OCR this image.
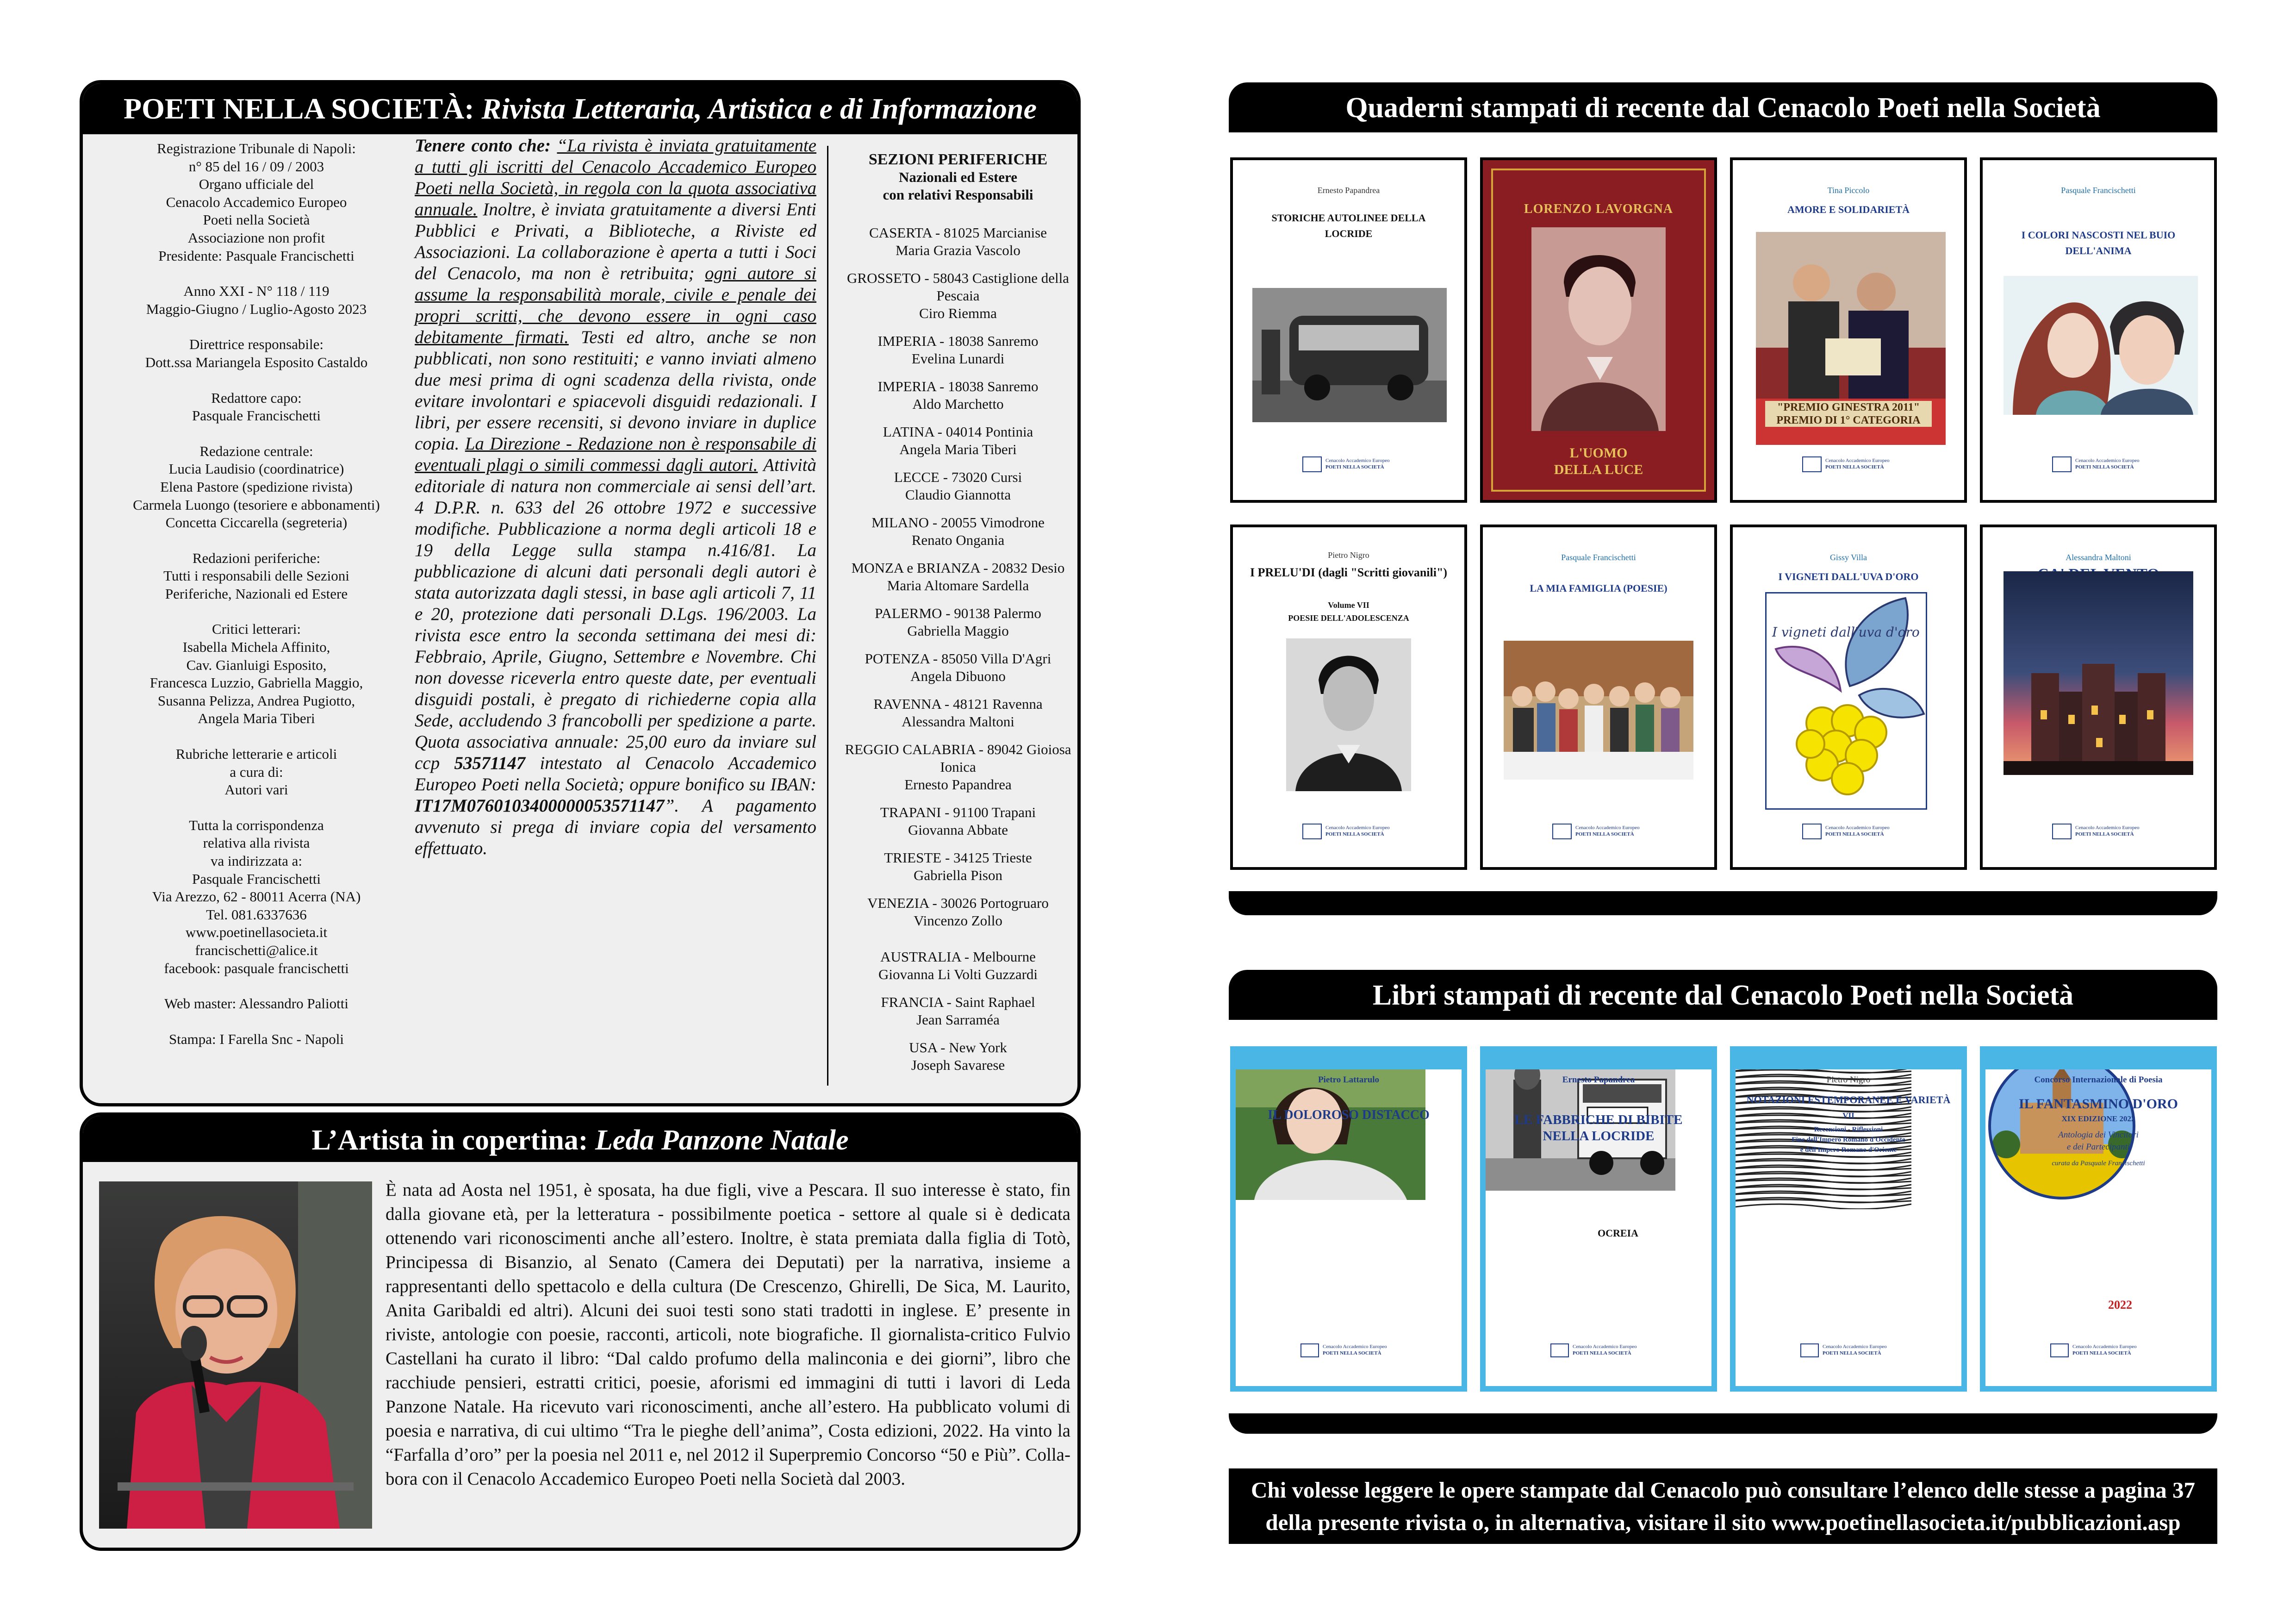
POETI NELLA SOCIETÀ: Rivista Letteraria, Artistica e di Informazione
Registrazione Tribunale di Napoli:
n° 85 del 16 / 09 / 2003
Organo ufficiale del
Cenacolo Accademico Europeo
Poeti nella Società
Associazione non profit
Presidente: Pasquale Francischetti
Anno XXI - N° 118 / 119
Maggio-Giugno / Luglio-Agosto 2023
Direttrice responsabile:
Dott.ssa Mariangela Esposito Castaldo
Redattore capo:
Pasquale Francischetti
Redazione centrale:
Lucia Laudisio (coordinatrice)
Elena Pastore (spedizione rivista)
Carmela Luongo (tesoriere e abbonamenti)
Concetta Ciccarella (segreteria)
Redazioni periferiche:
Tutti i responsabili delle Sezioni
Periferiche, Nazionali ed Estere
Critici letterari:
Isabella Michela Affinito,
Cav. Gianluigi Esposito,
Francesca Luzzio, Gabriella Maggio,
Susanna Pelizza, Andrea Pugiotto,
Angela Maria Tiberi
Rubriche letterarie e articoli
a cura di:
Autori vari
Tutta la corrispondenza
relativa alla rivista
va indirizzata a:
Pasquale Francischetti
Via Arezzo, 62 - 80011 Acerra (NA)
Tel. 081.6337636
www.poetinellasocieta.it
francischetti@alice.it
facebook: pasquale francischetti
Web master: Alessandro Paliotti
Stampa: I Farella Snc - Napoli
Tenere conto che: “La rivista è inviata gratuitamente a tutti gli iscritti del Cenacolo Accademico Europeo Poeti nella Società, in regola con la quota associativa annuale. Inoltre, è inviata gratuitamente a diversi Enti Pubblici e Privati, a Biblioteche, a Riviste ed Associazioni. La collaborazione è aperta a tutti i Soci del Cenacolo, ma non è retribuita; ogni autore si assume la responsabilità morale, civile e penale dei propri scritti, che devono essere in ogni caso debitamente firmati. Testi ed altro, anche se non pubblicati, non sono restituiti; e vanno inviati almeno due mesi prima di ogni scadenza della rivista, onde evitare involontari e spiacevoli disguidi redazionali. I libri, per essere recensiti, si devono inviare in duplice copia. La Direzione - Redazione non è responsabile di eventuali plagi o simili commessi dagli autori. Attività editoriale di natura non commerciale ai sensi dell’art. 4 D.P.R. n. 633 del 26 ottobre 1972 e successive modifiche. Pubblicazione a norma degli articoli 18 e 19 della Legge sulla stampa n.416/81. La pubblicazione di alcuni dati personali degli autori è stata autorizzata dagli stessi, in base agli articoli 7, 11 e 20, protezione dati personali D.Lgs. 196/2003. La rivista esce entro la seconda settimana dei mesi di: Febbraio, Aprile, Giugno, Settembre e Novembre. Chi non dovesse riceverla entro queste date, per eventuali disguidi postali, è pregato di richiederne copia alla Sede, accludendo 3 francobolli per spedizione a parte. Quota associativa annuale: 25,00 euro da inviare sul ccp 53571147 intestato al Cenacolo Accademico Europeo Poeti nella Società; oppure bonifico su IBAN: IT17M0760103400000053571147”. A pagamento avvenuto si prega di inviare copia del versamento effettuato.
SEZIONI PERIFERICHE
Nazionali ed Estere
con relativi Responsabili
CASERTA - 81025 Marcianise
Maria Grazia Vascolo
GROSSETO - 58043 Castiglione della Pescaia
Ciro Riemma
IMPERIA - 18038 Sanremo
Evelina Lunardi
IMPERIA - 18038 Sanremo
Aldo Marchetto
LATINA - 04014 Pontinia
Angela Maria Tiberi
LECCE - 73020 Cursi
Claudio Giannotta
MILANO - 20055 Vimodrone
Renato Ongania
MONZA e BRIANZA - 20832 Desio
Maria Altomare Sardella
PALERMO - 90138 Palermo
Gabriella Maggio
POTENZA - 85050 Villa D'Agri
Angela Dibuono
RAVENNA - 48121 Ravenna
Alessandra Maltoni
REGGIO CALABRIA - 89042 Gioiosa Ionica
Ernesto Papandrea
TRAPANI - 91100 Trapani
Giovanna Abbate
TRIESTE - 34125 Trieste
Gabriella Pison
VENEZIA - 30026 Portogruaro
Vincenzo Zollo
AUSTRALIA - Melbourne
Giovanna Li Volti Guzzardi
FRANCIA - Saint Raphael
Jean Sarraméa
USA - New York
Joseph Savarese
L’Artista in copertina: Leda Panzone Natale
È nata ad Aosta nel 1951, è sposata, ha due figli, vive a Pescara. Il suo interesse è stato, fin dalla giovane età, per la letteratura - possibilmente poetica - settore al quale si è dedicata ottenendo vari riconoscimenti anche all’estero. Inoltre, è stata premiata dalla figlia di Totò, Principessa di Bisanzio, al Senato (Camera dei Deputati) per la narrativa, insieme a rappresentanti dello spettacolo e della cultura (De Crescenzo, Ghirelli, De Sica, M. Laurito, Anita Garibaldi ed altri). Alcuni dei suoi testi sono stati tradotti in inglese. E’ presente in riviste, antologie con poesie, racconti, articoli, note biografiche. Il giornalista-critico Fulvio Castellani ha curato il libro: “Dal caldo profumo della malinconia e dei giorni”, libro che racchiude pensieri, estratti critici, poesie, aforismi ed immagini di tutti i lavori di Leda Panzone Natale. Ha ricevuto vari riconoscimenti, anche all’estero. Ha pubblicato volumi di poesia e narrativa, di cui ultimo “Tra le pieghe dell’anima”, Costa edizioni, 2022. Ha vinto la “Farfalla d’oro” per la poesia nel 2011 e, nel 2012 il Superpremio Concorso “50 e Più”. Collabora con il Cenacolo Accademico Europeo Poeti nella Società dal 2003.
Quaderni stampati di recente dal Cenacolo Poeti nella Società
Ernesto Papandrea
STORICHE AUTOLINEE DELLA LOCRIDE
Cenacolo Accademico Europeo
POETI NELLA SOCIETÀ
LORENZO LAVORGNA
L'UOMO DELLA LUCE
Tina Piccolo
AMORE E SOLIDARIETÀ
"PREMIO GINESTRA 2011" PREMIO DI 1° CATEGORIA
Cenacolo Accademico Europeo
POETI NELLA SOCIETÀ
Pasquale Francischetti
I COLORI NASCOSTI NEL BUIO DELL'ANIMA
Cenacolo Accademico Europeo
POETI NELLA SOCIETÀ
Pietro Nigro
I PRELU'DI (dagli "Scritti giovanili")
Volume VII
POESIE DELL'ADOLESCENZA
Cenacolo Accademico Europeo
POETI NELLA SOCIETÀ
Pasquale Francischetti
LA MIA FAMIGLIA (POESIE)
Cenacolo Accademico Europeo
POETI NELLA SOCIETÀ
Gissy Villa
I VIGNETI DALL'UVA D'ORO
I vigneti dall'uva d'oro
Cenacolo Accademico Europeo
POETI NELLA SOCIETÀ
Alessandra Maltoni
Cenacolo Accademico Europeo
POETI NELLA SOCIETÀ
Libri stampati di recente dal Cenacolo Poeti nella Società
Pietro Lattarulo
IL DOLOROSO DISTACCO
Cenacolo Accademico Europeo
POETI NELLA SOCIETÀ
Ernesto Papandrea
LE FABBRICHE DI BIBITE NELLA LOCRIDE
OCREIA
Cenacolo Accademico Europeo
POETI NELLA SOCIETÀ
Pietro Nigro
NOTAZIONI ESTEMPORANEE E VARIETÀ
VII
Recensioni - Riflessioni
Fine dell'Impero Romano d'Occidente
e dell'Impero Romano d'Oriente
Cenacolo Accademico Europeo
POETI NELLA SOCIETÀ
Concorso Internazionale di Poesia
IL FANTASMINO D'ORO
XIX EDIZIONE 2022
Antologia dei Vincitori
e dei Partecipanti
curata da Pasquale Francischetti
2022
Cenacolo Accademico Europeo
POETI NELLA SOCIETÀ
Chi volesse leggere le opere stampate dal Cenacolo può consultare l’elenco delle stesse a pagina 37
della presente rivista o, in alternativa, visitare il sito www.poetinellasocieta.it/pubblicazioni.asp
